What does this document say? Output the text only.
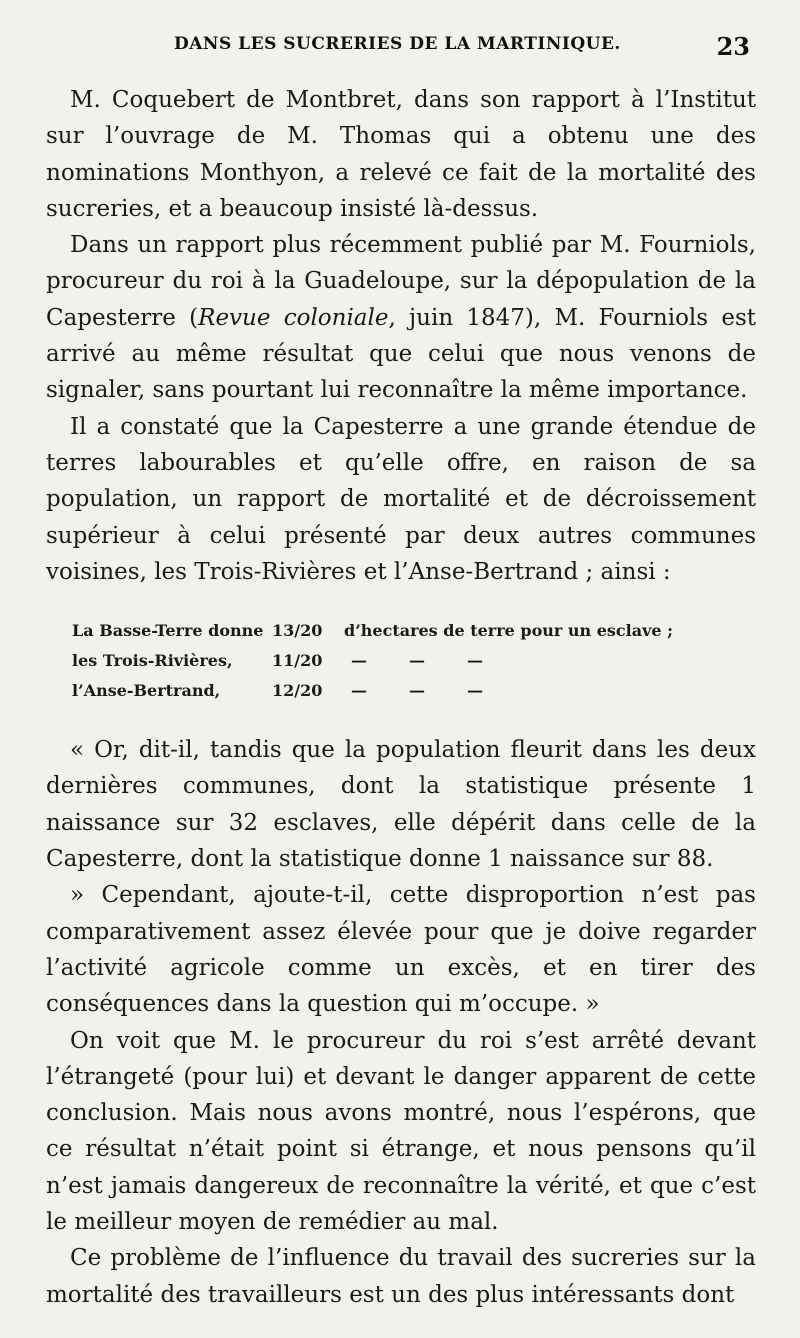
DANS LES SUCRERIES DE LA MARTINIQUE.	23

M. Coquebert de Montbret, dans son rapport à l’Institut sur l’ouvrage de M. Thomas qui a obtenu une des nominations Monthyon, a relevé ce fait de la mortalité des sucreries, et a beaucoup insisté là-dessus.

Dans un rapport plus récemment publié par M. Fourniols, procureur du roi à la Guadeloupe, sur la dépopulation de la Capesterre (Revue coloniale, juin 1847), M. Fourniols est arrivé au même résultat que celui que nous venons de signaler, sans pourtant lui reconnaître la même importance.

Il a constaté que la Capesterre a une grande étendue de terres labourables et qu’elle offre, en raison de sa population, un rapport de mortalité et de décroissement supérieur à celui présenté par deux autres communes voisines, les Trois-Rivières et l’Anse-Bertrand ; ainsi :

La Basse-Terre donne	13/20	d’hectares de terre pour un esclave ;
les Trois-Rivières,	11/20	— — —
l’Anse-Bertrand,	12/20	— — —

« Or, dit-il, tandis que la population fleurit dans les deux dernières communes, dont la statistique présente 1 naissance sur 32 esclaves, elle dépérit dans celle de la Capesterre, dont la statistique donne 1 naissance sur 88.

» Cependant, ajoute-t-il, cette disproportion n’est pas comparativement assez élevée pour que je doive regarder l’activité agricole comme un excès, et en tirer des conséquences dans la question qui m’occupe. »

On voit que M. le procureur du roi s’est arrêté devant l’étrangeté (pour lui) et devant le danger apparent de cette conclusion. Mais nous avons montré, nous l’espérons, que ce résultat n’était point si étrange, et nous pensons qu’il n’est jamais dangereux de reconnaître la vérité, et que c’est le meilleur moyen de remédier au mal.

Ce problème de l’influence du travail des sucreries sur la mortalité des travailleurs est un des plus intéressants dont
